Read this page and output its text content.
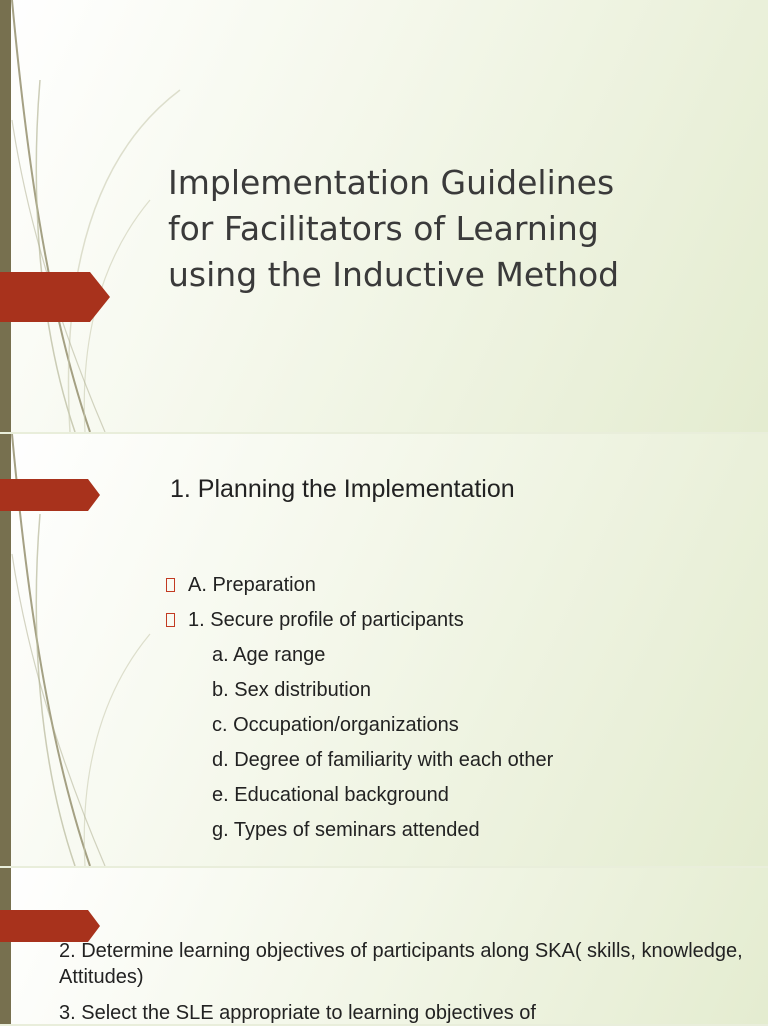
Implementation Guidelines
for Facilitators of Learning
using the Inductive Method
1. Planning the Implementation
A. Preparation
1. Secure profile of participants
a. Age range
b. Sex distribution
c. Occupation/organizations
d. Degree of familiarity with each other
e. Educational background
g. Types of seminars attended

2. Determine learning objectives of participants along SKA( skills, knowledge, Attitudes)

3. Select the SLE appropriate to learning objectives of
